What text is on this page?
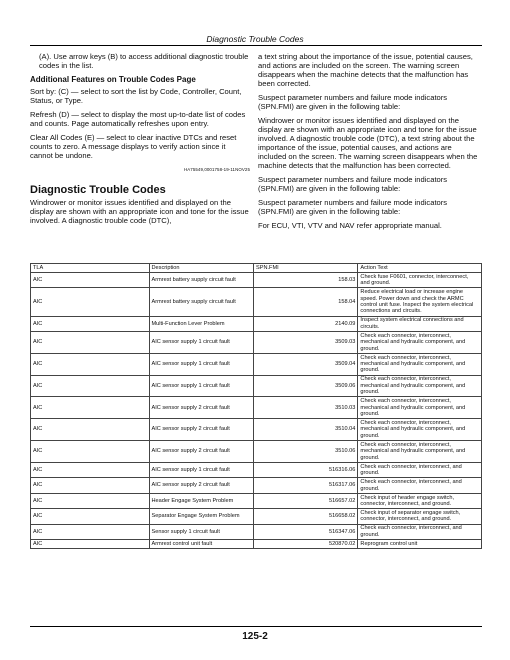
Diagnostic Trouble Codes

(A). Use arrow keys (B) to access additional diagnostic trouble codes in the list.

Additional Features on Trouble Codes Page

Sort by: (C) — select to sort the list by Code, Controller, Count, Status, or Type.

Refresh (D) — select to display the most up-to-date list of codes and counts. Page automatically refreshes upon entry.

Clear All Codes (E) — select to clear inactive DTCs and reset counts to zero. A message displays to verify action since it cannot be undone.

HA75549,0001758-19-11NOV25
Diagnostic Trouble Codes

Windrower or monitor issues identified and displayed on the display are shown with an appropriate icon and tone for the issue involved. A diagnostic trouble code (DTC),

a text string about the importance of the issue, potential causes, and actions are included on the screen. The warning screen disappears when the machine detects that the malfunction has been corrected.

Suspect parameter numbers and failure mode indicators (SPN.FMI) are given in the following table:

Windrower or monitor issues identified and displayed on the display are shown with an appropriate icon and tone for the issue involved. A diagnostic trouble code (DTC), a text string about the importance of the issue, potential causes, and actions are included on the screen. The warning screen disappears when the machine detects that the malfunction has been corrected.

Suspect parameter numbers and failure mode indicators (SPN.FMI) are given in the following table:

Suspect parameter numbers and failure mode indicators (SPN.FMI) are given in the following table:

For ECU, VTI, VTV and NAV refer appropriate manual.

TLA	Description	SPN.FMI	Action Text
AIC	Armrest battery supply circuit fault	158.03	Check fuse F0601, connector, interconnect, and ground.
AIC	Armrest battery supply circuit fault	158.04	Reduce electrical load or increase engine speed. Power down and check the ARMC control unit fuse. Inspect the system electrical connections and circuits.
AIC	Multi-Function Lever Problem	2140.09	Inspect system electrical connections and circuits.
AIC	AIC sensor supply 1 circuit fault	3509.03	Check each connector, interconnect, mechanical and hydraulic component, and ground.
AIC	AIC sensor supply 1 circuit fault	3509.04	Check each connector, interconnect, mechanical and hydraulic component, and ground.
AIC	AIC sensor supply 1 circuit fault	3509.06	Check each connector, interconnect, mechanical and hydraulic component, and ground.
AIC	AIC sensor supply 2 circuit fault	3510.03	Check each connector, interconnect, mechanical and hydraulic component, and ground.
AIC	AIC sensor supply 2 circuit fault	3510.04	Check each connector, interconnect, mechanical and hydraulic component, and ground.
AIC	AIC sensor supply 2 circuit fault	3510.06	Check each connector, interconnect, mechanical and hydraulic component, and ground.
AIC	AIC sensor supply 1 circuit fault	516316.06	Check each connector, interconnect, and ground.
AIC	AIC sensor supply 2 circuit fault	516317.06	Check each connector, interconnect, and ground.
AIC	Header Engage System Problem	516657.02	Check input of header engage switch, connector, interconnect, and ground.
AIC	Separator Engage System Problem	516658.02	Check input of separator engage switch, connector, interconnect, and ground.
AIC	Sensor supply 1 circuit fault	516347.06	Check each connector, interconnect, and ground.
AIC	Armrest control unit fault	520870.02	Reprogram control unit
125-2
